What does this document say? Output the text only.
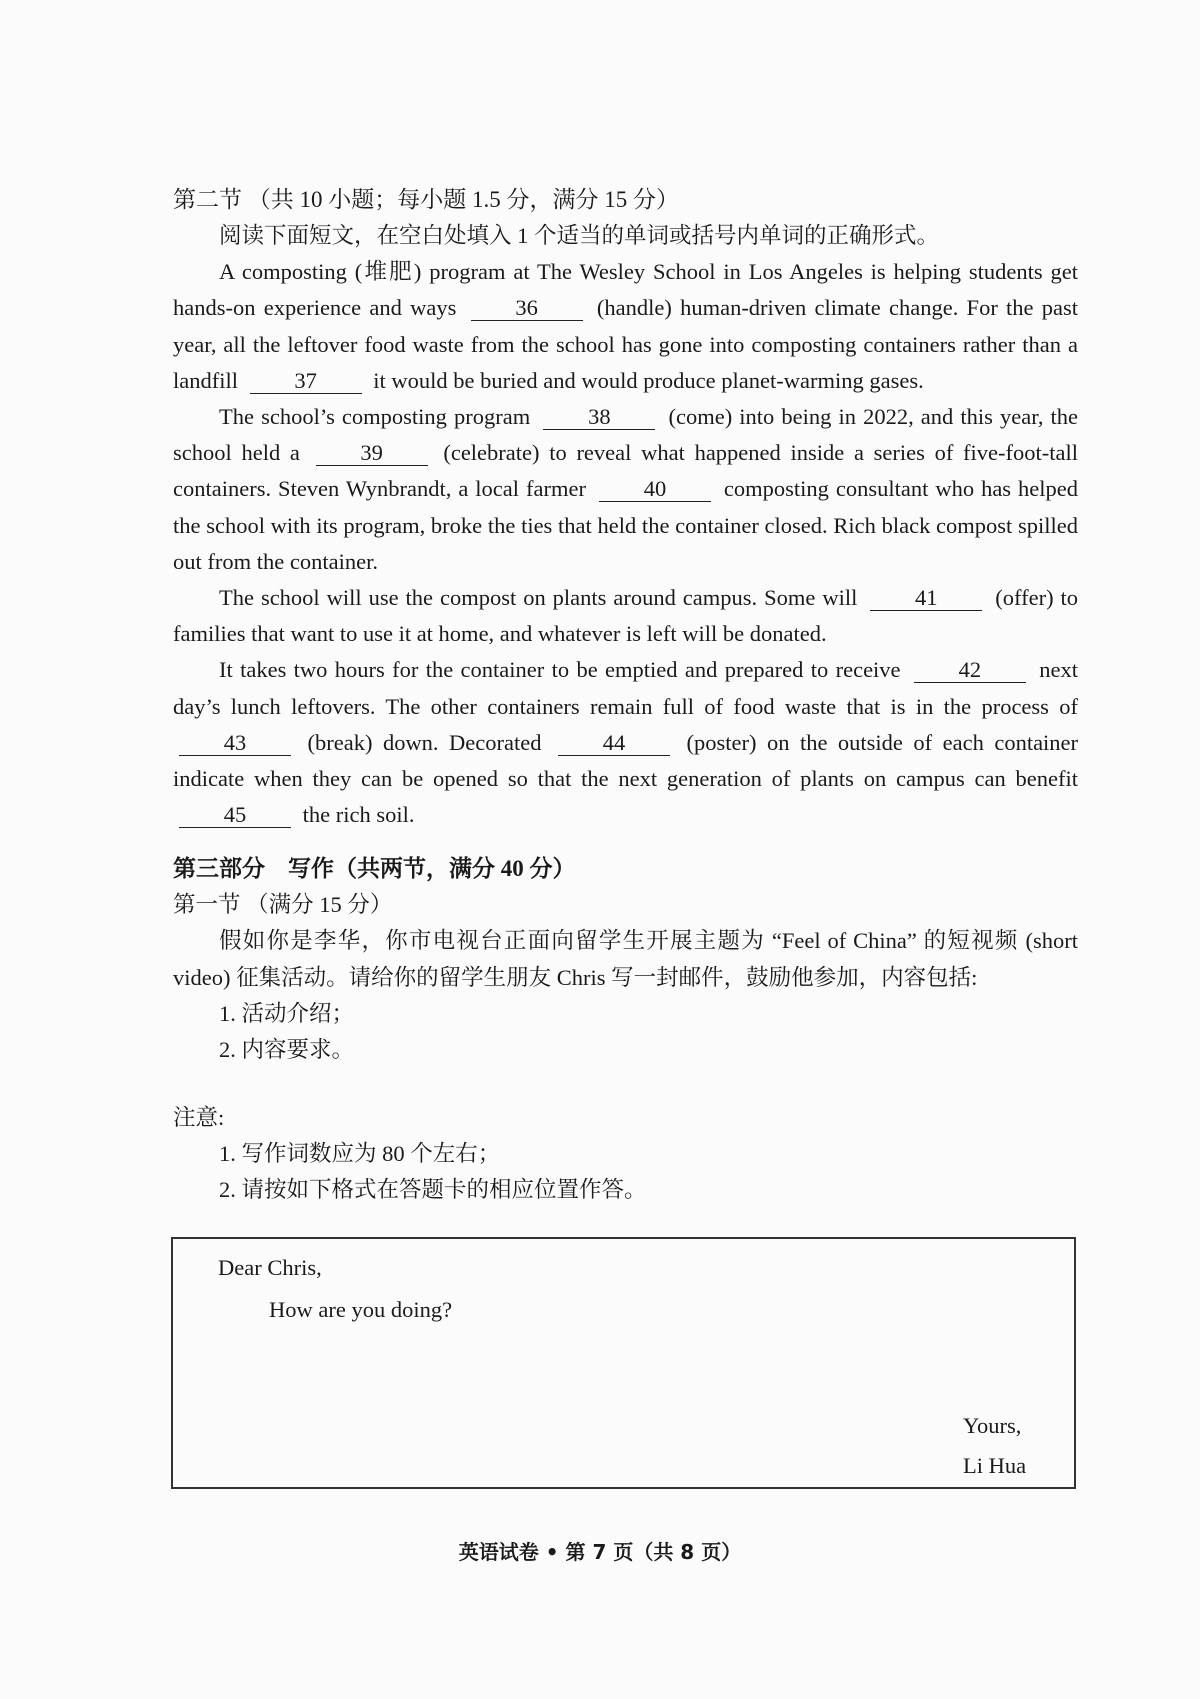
第二节 （共 10 小题；每小题 1.5 分，满分 15 分）

阅读下面短文，在空白处填入 1 个适当的单词或括号内单词的正确形式。

A composting (堆肥) program at The Wesley School in Los Angeles is helping students get hands-on experience and ways	36	(handle) human-driven climate change. For the past year, all the leftover food waste from the school has gone into composting containers rather than a landfill	37	it would be buried and would produce planet-warming gases.

The school’s composting program	38	(come) into being in 2022, and this year, the school held a	39	(celebrate) to reveal what happened inside a series of five-foot-tall containers. Steven Wynbrandt, a local farmer	40	composting consultant who has helped the school with its program, broke the ties that held the container closed. Rich black compost spilled out from the container.

The school will use the compost on plants around campus. Some will	41	(offer) to families that want to use it at home, and whatever is left will be donated.

It takes two hours for the container to be emptied and prepared to receive	42	next day’s lunch leftovers. The other containers remain full of food waste that is in the process of 43	(break) down. Decorated	44	(poster) on the outside of each container indicate when they can be opened so that the next generation of plants on campus can benefit 45	the rich soil.

第三部分　写作（共两节，满分 40 分）

第一节 （满分 15 分）

假如你是李华，你市电视台正面向留学生开展主题为 “Feel of China” 的短视频 (short video) 征集活动。请给你的留学生朋友 Chris 写一封邮件，鼓励他参加，内容包括:

1. 活动介绍；

2. 内容要求。

注意:

1. 写作词数应为 80 个左右；

2. 请按如下格式在答题卡的相应位置作答。

Dear Chris,
How are you doing?
Yours,
Li Hua
英语试卷 • 第 7 页（共 8 页）
